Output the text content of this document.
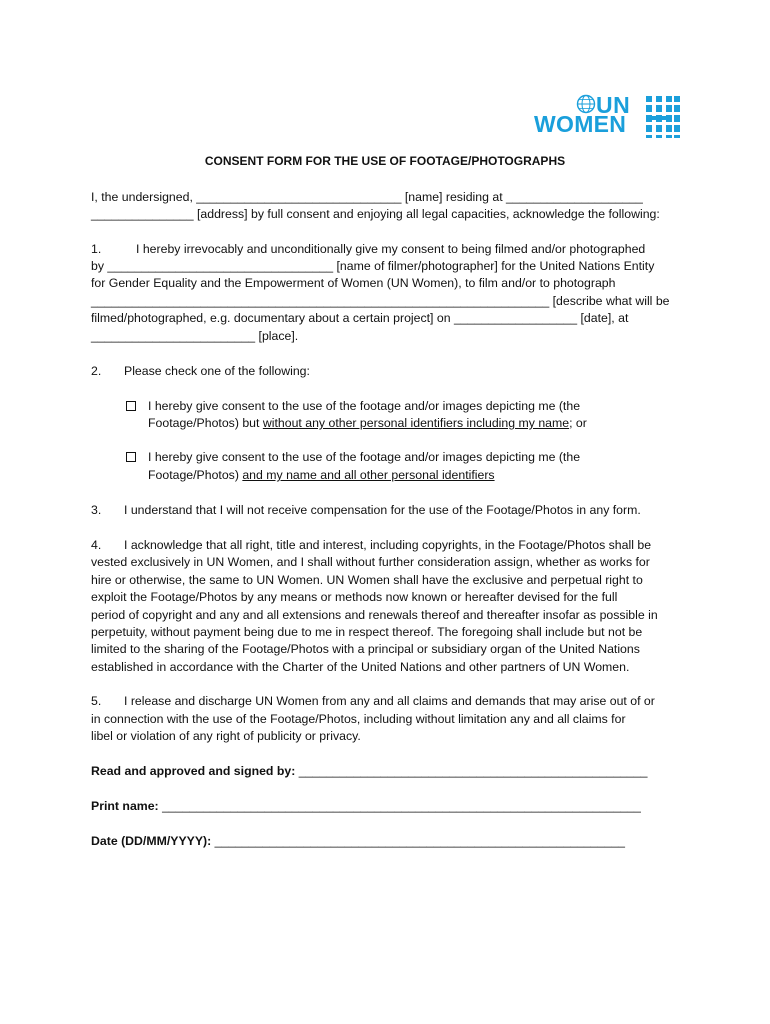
UN
WOMEN
CONSENT FORM FOR THE USE OF FOOTAGE/PHOTOGRAPHS
I, the undersigned, ______________________________ [name] residing at ____________________
_______________ [address] by full consent and enjoying all legal capacities, acknowledge the following:
1.	I hereby irrevocably and unconditionally give my consent to being filmed and/or photographed
by _________________________________ [name of filmer/photographer] for the United Nations Entity
for Gender Equality and the Empowerment of Women (UN Women), to film and/or to photograph
___________________________________________________________________ [describe what will be
filmed/photographed, e.g. documentary about a certain project] on __________________ [date], at
________________________ [place].
2. Please check one of the following:
I hereby give consent to the use of the footage and/or images depicting me (the
Footage/Photos) but without any other personal identifiers including my name; or
I hereby give consent to the use of the footage and/or images depicting me (the
Footage/Photos) and my name and all other personal identifiers
3. I understand that I will not receive compensation for the use of the Footage/Photos in any form.
4. I acknowledge that all right, title and interest, including copyrights, in the Footage/Photos shall be
vested exclusively in UN Women, and I shall without further consideration assign, whether as works for
hire or otherwise, the same to UN Women. UN Women shall have the exclusive and perpetual right to
exploit the Footage/Photos by any means or methods now known or hereafter devised for the full
period of copyright and any and all extensions and renewals thereof and thereafter insofar as possible in
perpetuity, without payment being due to me in respect thereof. The foregoing shall include but not be
limited to the sharing of the Footage/Photos with a principal or subsidiary organ of the United Nations
established in accordance with the Charter of the United Nations and other partners of UN Women.
5. I release and discharge UN Women from any and all claims and demands that may arise out of or
in connection with the use of the Footage/Photos, including without limitation any and all claims for
libel or violation of any right of publicity or privacy.
Read and approved and signed by: ___________________________________________________
Print name: ______________________________________________________________________
Date (DD/MM/YYYY): ____________________________________________________________
